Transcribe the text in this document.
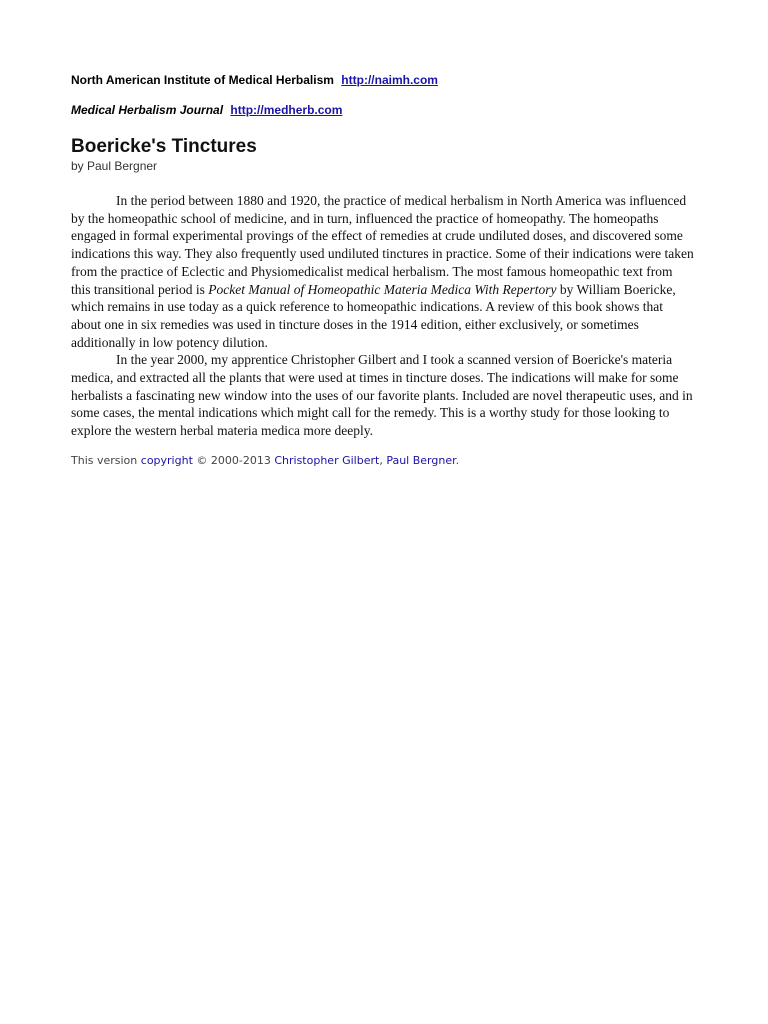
North American Institute of Medical Herbalism http://naimh.com

Medical Herbalism Journal http://medherb.com

Boericke's Tinctures
by Paul Bergner

In the period between 1880 and 1920, the practice of medical herbalism in North America was influenced by the homeopathic school of medicine, and in turn, influenced the practice of homeopathy. The homeopaths engaged in formal experimental provings of the effect of remedies at crude undiluted doses, and discovered some indications this way. They also frequently used undiluted tinctures in practice. Some of their indications were taken from the practice of Eclectic and Physiomedicalist medical herbalism. The most famous homeopathic text from this transitional period is Pocket Manual of Homeopathic Materia Medica With Repertory by William Boericke, which remains in use today as a quick reference to homeopathic indications. A review of this book shows that about one in six remedies was used in tincture doses in the 1914 edition, either exclusively, or sometimes additionally in low potency dilution.

In the year 2000, my apprentice Christopher Gilbert and I took a scanned version of Boericke's materia medica, and extracted all the plants that were used at times in tincture doses. The indications will make for some herbalists a fascinating new window into the uses of our favorite plants. Included are novel therapeutic uses, and in some cases, the mental indications which might call for the remedy. This is a worthy study for those looking to explore the western herbal materia medica more deeply.

This version copyright © 2000-2013 Christopher Gilbert, Paul Bergner.
